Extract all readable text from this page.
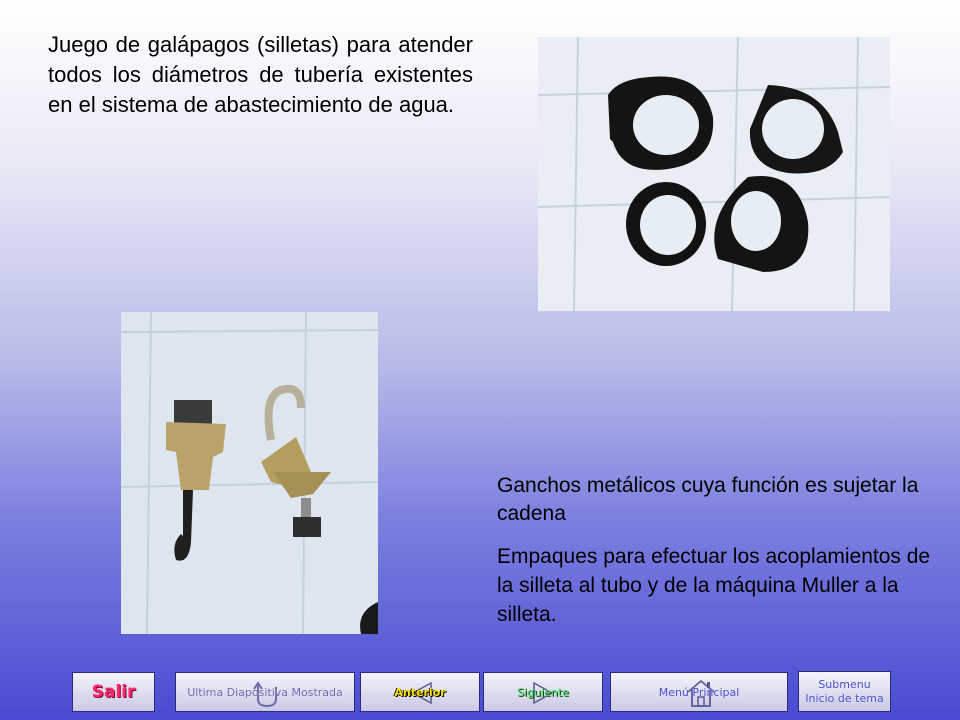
Juego de galápagos (silletas) para atender todos los diámetros de tubería existentes en el sistema de abastecimiento de agua.
Ganchos metálicos cuya función es sujetar la cadena
Empaques para efectuar los acoplamientos de la silleta al tubo y de la máquina Muller a la silleta.
Salir	Ultima Diapositiva Mostrada	Anterior	Siguiente	Menú Principal
Submenu
Inicio de tema
